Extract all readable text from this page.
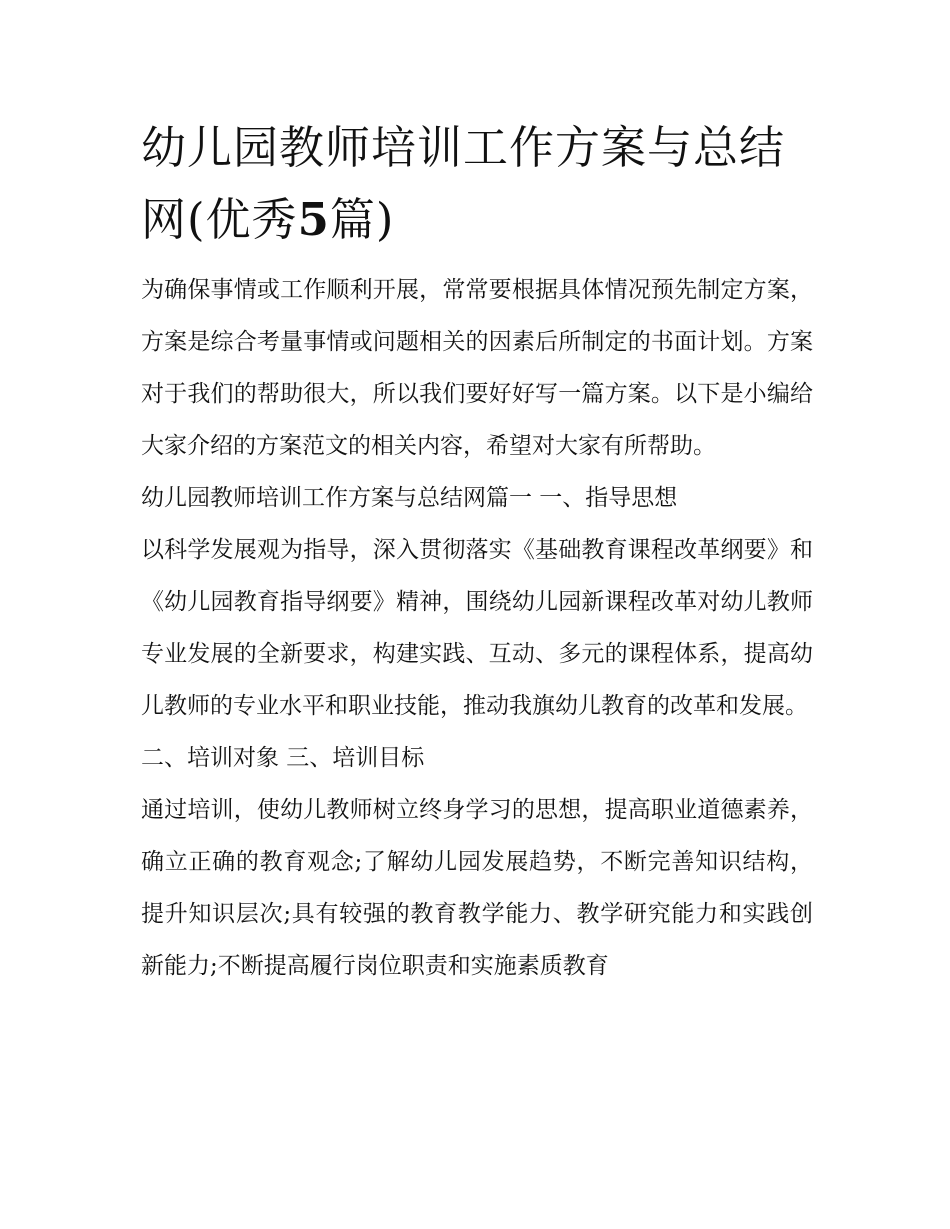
幼儿园教师培训工作方案与总结网(优秀5篇)

为确保事情或工作顺利开展，常常要根据具体情况预先制定方案，方案是综合考量事情或问题相关的因素后所制定的书面计划。方案对于我们的帮助很大，所以我们要好好写一篇方案。以下是小编给大家介绍的方案范文的相关内容，希望对大家有所帮助。

幼儿园教师培训工作方案与总结网篇一 一、指导思想

以科学发展观为指导，深入贯彻落实《基础教育课程改革纲要》和《幼儿园教育指导纲要》精神，围绕幼儿园新课程改革对幼儿教师专业发展的全新要求，构建实践、互动、多元的课程体系，提高幼儿教师的专业水平和职业技能，推动我旗幼儿教育的改革和发展。

二、培训对象 三、培训目标

通过培训，使幼儿教师树立终身学习的思想，提高职业道德素养，确立正确的教育观念;了解幼儿园发展趋势，不断完善知识结构，提升知识层次;具有较强的教育教学能力、教学研究能力和实践创新能力;不断提高履行岗位职责和实施素质教育
